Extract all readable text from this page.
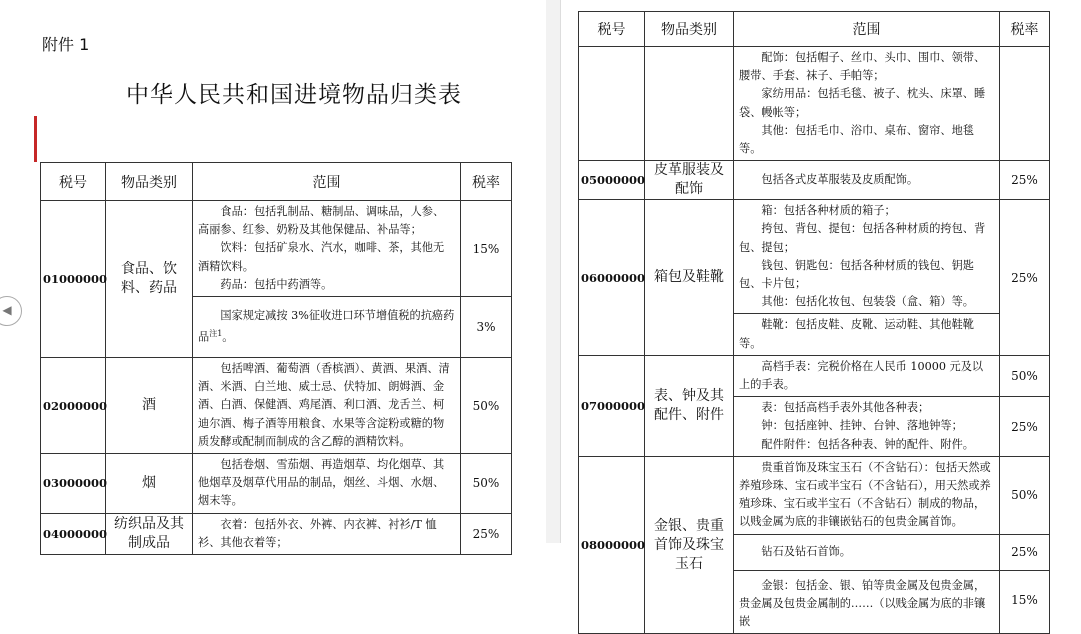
附件 1
中华人民共和国进境物品归类表
◀
税号	物品类别	范围	税率
01000000	食品、饮料、药品	食品：包括乳制品、糖制品、调味品，人参、高丽参、红参、奶粉及其他保健品、补品等；

饮料：包括矿泉水、汽水，咖啡、茶，其他无酒精饮料。

药品：包括中药酒等。	15%

		国家规定减按 3%征收进口环节增值税的抗癌药品$^{注1}$。	3%
02000000	酒	包括啤酒、葡萄酒（香槟酒）、黄酒、果酒、清酒、米酒、白兰地、威士忌、伏特加、朗姆酒、金酒、白酒、保健酒、鸡尾酒、利口酒、龙舌兰、柯迪尔酒、梅子酒等用粮食、水果等含淀粉或糖的物质发酵或配制而制成的含乙醇的酒精饮料。	50%
03000000	烟	包括卷烟、雪茄烟、再造烟草、均化烟草、其他烟草及烟草代用品的制品，烟丝、斗烟、水烟、烟末等。	50%
04000000	纺织品及其制成品	衣着：包括外衣、外裤、内衣裤、衬衫/T 恤衫、其他衣着等；	25%
税号	物品类别	范围	税率

		配饰：包括帽子、丝巾、头巾、围巾、领带、腰带、手套、袜子、手帕等；

家纺用品：包括毛毯、被子、枕头、床罩、睡袋、幔帐等；

其他：包括毛巾、浴巾、桌布、窗帘、地毯等。	

05000000	皮革服装及配饰	包括各式皮革服装及皮质配饰。	25%
06000000	箱包及鞋靴	箱：包括各种材质的箱子；

挎包、背包、提包：包括各种材质的挎包、背包、提包；

钱包、钥匙包：包括各种材质的钱包、钥匙包、卡片包；

其他：包括化妆包、包装袋（盒、箱）等。	25%

		鞋靴：包括皮鞋、皮靴、运动鞋、其他鞋靴等。	

07000000	表、钟及其配件、附件	高档手表：完税价格在人民币 10000 元及以上的手表。	50%

		表：包括高档手表外其他各种表；

钟：包括座钟、挂钟、台钟、落地钟等；

配件附件：包括各种表、钟的配件、附件。	25%
08000000	金银、贵重首饰及珠宝玉石	贵重首饰及珠宝玉石（不含钻石）：包括天然或养殖珍珠、宝石或半宝石（不含钻石），用天然或养殖珍珠、宝石或半宝石（不含钻石）制成的物品，以贱金属为底的非镶嵌钻石的包贵金属首饰。	50%

		钻石及钻石首饰。	25%

		金银：包括金、银、铂等贵金属及包贵金属，贵金属及包贵金属制的……（以贱金属为底的非镶嵌	15%
